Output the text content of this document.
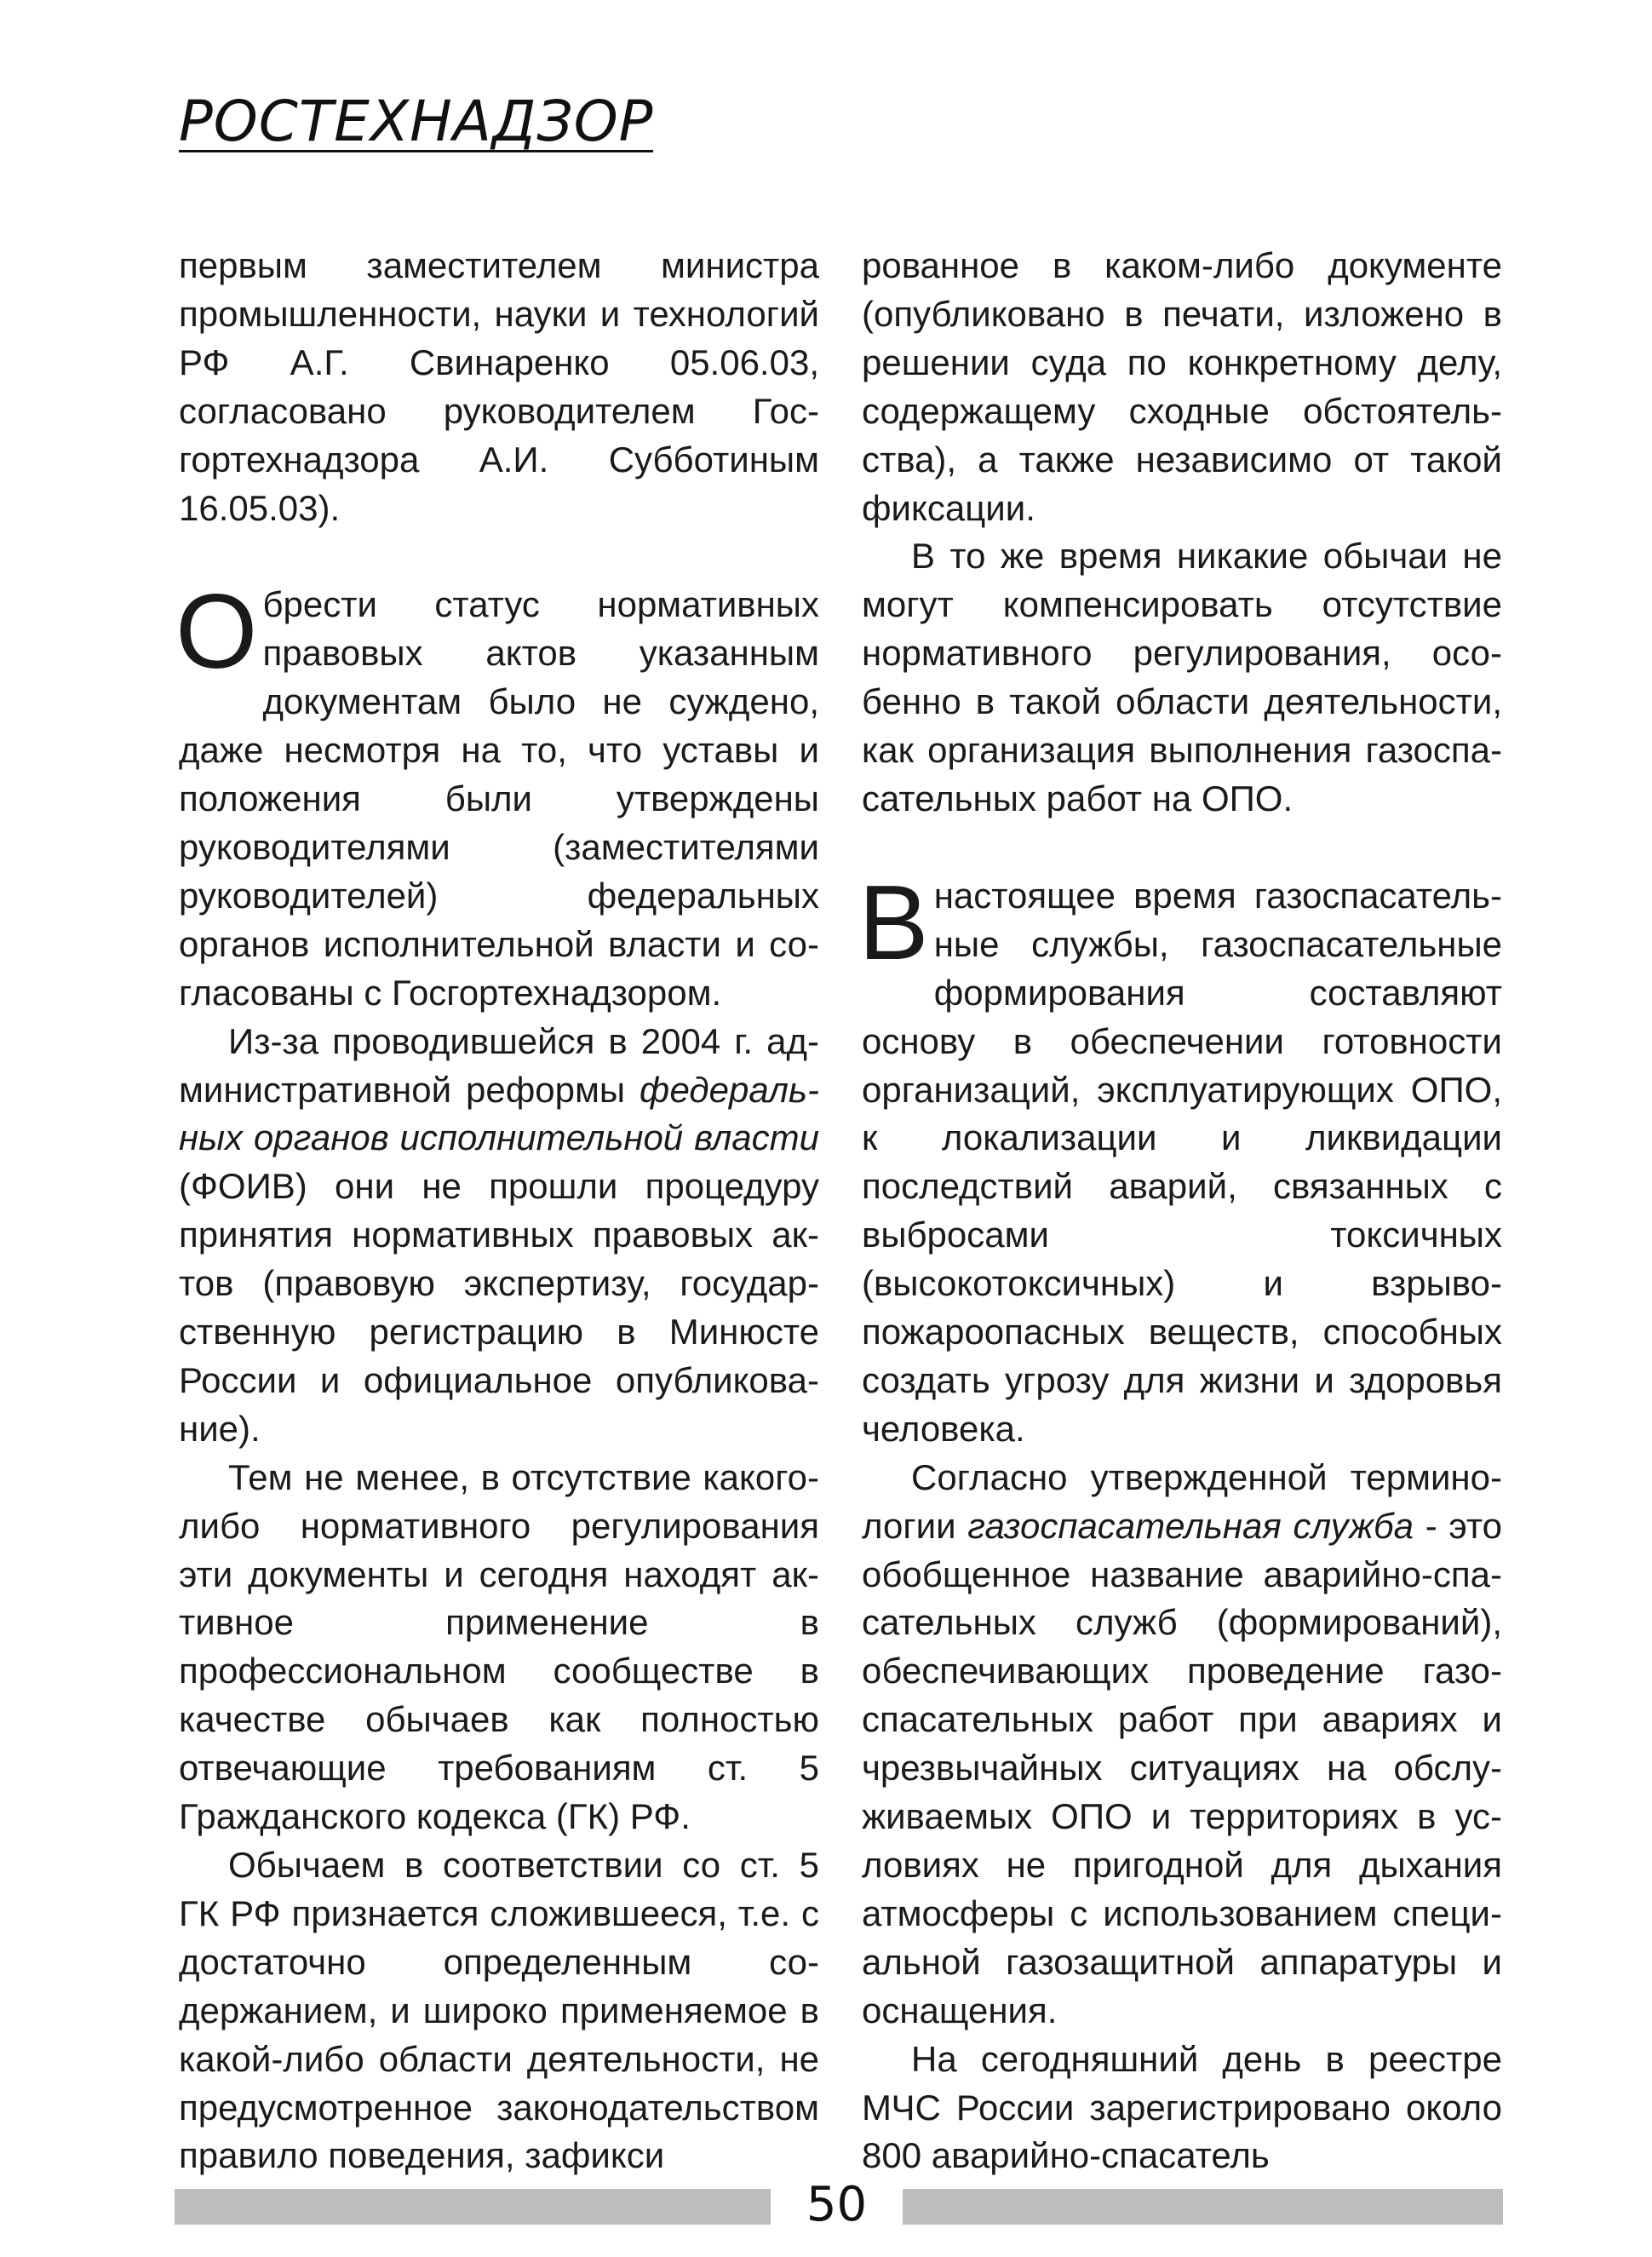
РОСТЕХНАДЗОР

первым заместителем министра промышленности, науки и технологий РФ А.Г. Свинаренко 05.06.03, согласовано руководителем Госгортехнадзора А.И. Субботиным 16.05.03).

Обрести статус нормативных правовых актов указанным документам было не суждено, даже несмотря на то, что уставы и положения были утверждены руководителями (заместителями руководителей) федеральных органов исполнительной власти и согласованы с Госгортехнадзором.

Из-за проводившейся в 2004 г. административной реформы федеральных органов исполнительной власти (ФОИВ) они не прошли процедуру принятия нормативных правовых актов (правовую экспертизу, государственную регистрацию в Минюсте России и официальное опубликование).

Тем не менее, в отсутствие какого-либо нормативного регулирования эти документы и сегодня находят активное применение в профессиональном сообществе в качестве обычаев как полностью отвечающие требованиям ст. 5 Гражданского кодекса (ГК) РФ.

Обычаем в соответствии со ст. 5 ГК РФ признается сложившееся, т.е. с достаточно определенным содержанием, и широко применяемое в какой-либо области деятельности, не предусмотренное законодательством правило поведения, зафикси

рованное в каком-либо документе (опубликовано в печати, изложено в решении суда по конкретному делу, содержащему сходные обстоятельства), а также независимо от такой фиксации.

В то же время никакие обычаи не могут компенсировать отсутствие нормативного регулирования, особенно в такой области деятельности, как организация выполнения газоспасательных работ на ОПО.

Внастоящее время газоспасательные службы, газоспасательные формирования составляют основу в обеспечении готовности организаций, эксплуатирующих ОПО, к локализации и ликвидации последствий аварий, связанных с выбросами токсичных (высокотоксичных) и взрывопожароопасных веществ, способных создать угрозу для жизни и здоровья человека.

Согласно утвержденной терминологии газоспасательная служба - это обобщенное название аварийно-спасательных служб (формирований), обеспечивающих проведение газоспасательных работ при авариях и чрезвычайных ситуациях на обслуживаемых ОПО и территориях в условиях не пригодной для дыхания атмосферы с использованием специальной газозащитной аппаратуры и оснащения.

На сегодняшний день в реестре МЧС России зарегистрировано около 800 аварийно-спасатель

50
